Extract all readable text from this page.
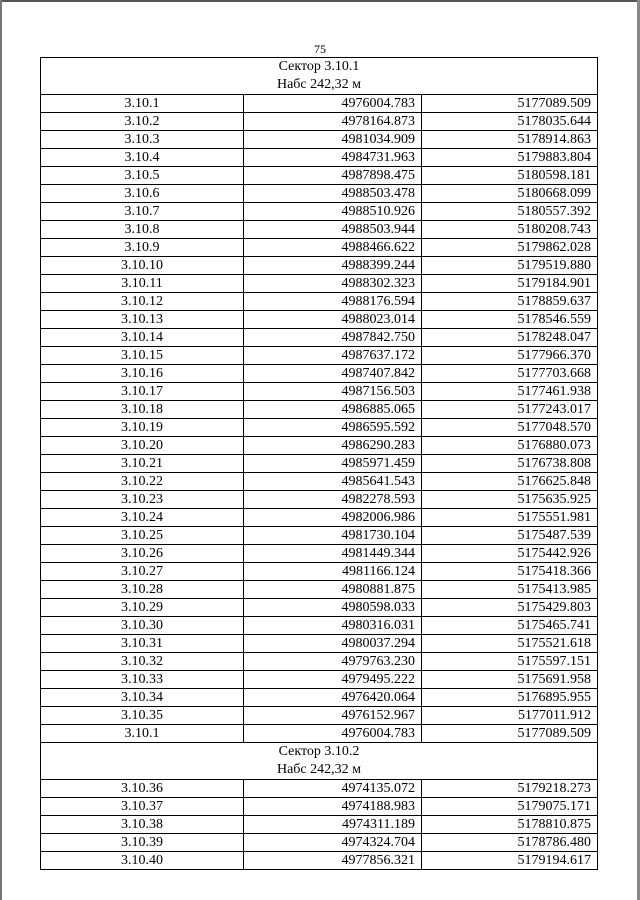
75
Сектор 3.10.1
Набс 242,32 м		

3.10.1	4976004.783	5177089.509
3.10.2	4978164.873	5178035.644
3.10.3	4981034.909	5178914.863
3.10.4	4984731.963	5179883.804
3.10.5	4987898.475	5180598.181
3.10.6	4988503.478	5180668.099
3.10.7	4988510.926	5180557.392
3.10.8	4988503.944	5180208.743
3.10.9	4988466.622	5179862.028
3.10.10	4988399.244	5179519.880
3.10.11	4988302.323	5179184.901
3.10.12	4988176.594	5178859.637
3.10.13	4988023.014	5178546.559
3.10.14	4987842.750	5178248.047
3.10.15	4987637.172	5177966.370
3.10.16	4987407.842	5177703.668
3.10.17	4987156.503	5177461.938
3.10.18	4986885.065	5177243.017
3.10.19	4986595.592	5177048.570
3.10.20	4986290.283	5176880.073
3.10.21	4985971.459	5176738.808
3.10.22	4985641.543	5176625.848
3.10.23	4982278.593	5175635.925
3.10.24	4982006.986	5175551.981
3.10.25	4981730.104	5175487.539
3.10.26	4981449.344	5175442.926
3.10.27	4981166.124	5175418.366
3.10.28	4980881.875	5175413.985
3.10.29	4980598.033	5175429.803
3.10.30	4980316.031	5175465.741
3.10.31	4980037.294	5175521.618
3.10.32	4979763.230	5175597.151
3.10.33	4979495.222	5175691.958
3.10.34	4976420.064	5176895.955
3.10.35	4976152.967	5177011.912
3.10.1	4976004.783	5177089.509

Сектор 3.10.2
Набс 242,32 м		

3.10.36	4974135.072	5179218.273
3.10.37	4974188.983	5179075.171
3.10.38	4974311.189	5178810.875
3.10.39	4974324.704	5178786.480
3.10.40	4977856.321	5179194.617
